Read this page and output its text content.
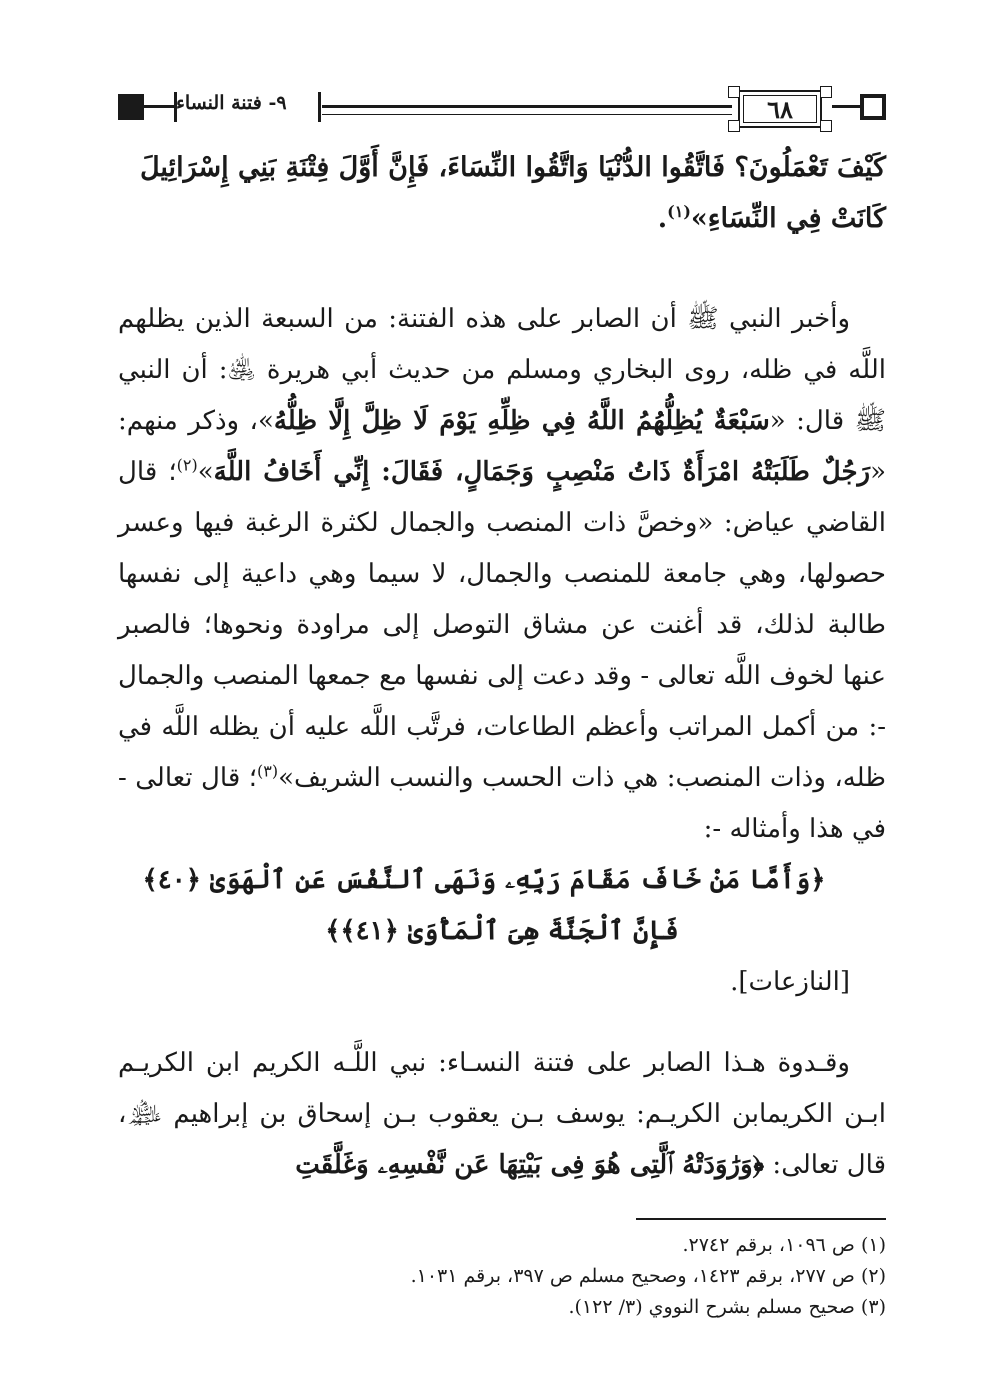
٩- فتنة النساء	٦٨

كَيْفَ تَعْمَلُونَ؟ فَاتَّقُوا الدُّنْيَا وَاتَّقُوا النِّسَاءَ، فَإِنَّ أَوَّلَ فِتْنَةِ بَنِي إِسْرَائِيلَ

كَانَتْ فِي النِّسَاءِ»$^{(١)}$.

وأخبر النبي ﷺ أن الصابر على هذه الفتنة: من السبعة الذين يظلهم اللَّه في ظله، روى البخاري ومسلم من حديث أبي هريرة ﵁: أن النبي ﷺ قال: «سَبْعَةٌ يُظِلُّهُمُ اللَّهُ فِي ظِلِّهِ يَوْمَ لَا ظِلَّ إِلَّا ظِلُّهُ»، وذكر منهم: «رَجُلٌ طَلَبَتْهُ امْرَأَةٌ ذَاتُ مَنْصِبٍ وَجَمَالٍ، فَقَالَ: إِنِّي أَخَافُ اللَّهَ»$^{(٢)}$؛ قال القاضي عياض: «وخصَّ ذات المنصب والجمال لكثرة الرغبة فيها وعسر حصولها، وهي جامعة للمنصب والجمال، لا سيما وهي داعية إلى نفسها طالبة لذلك، قد أغنت عن مشاق التوصل إلى مراودة ونحوها؛ فالصبر عنها لخوف اللَّه تعالى - وقد دعت إلى نفسها مع جمعها المنصب والجمال -: من أكمل المراتب وأعظم الطاعات، فرتَّب اللَّه عليه أن يظله اللَّه في ظله، وذات المنصب: هي ذات الحسب والنسب الشريف»$^{(٣)}$؛ قال تعالى - في هذا وأمثاله -:

﴿وَأَمَّا مَنْ خَافَ مَقَامَ رَبِّهِۦ وَنَهَى ٱلنَّفْسَ عَنِ ٱلْهَوَىٰ ﴿٤٠﴾ فَإِنَّ ٱلْجَنَّةَ هِىَ ٱلْمَأْوَىٰ ﴿٤١﴾﴾

[النازعات].

وقـدوة هـذا الصابر على فتنة النسـاء: نبي اللَّـه الكريم ابن الكريـم ابـن الكريمابن الكريـم: يوسف بـن يعقوب بـن إسحاق بن إبراهيم ﵈، قال تعالى: ﴿وَرَٰوَدَتْهُ ٱلَّتِى هُوَ فِى بَيْتِهَا عَن نَّفْسِهِۦ وَغَلَّقَتِ

(١) ص ١٠٩٦، برقم ٢٧٤٢.
(٢) ص ٢٧٧، برقم ١٤٢٣، وصحيح مسلم ص ٣٩٧، برقم ١٠٣١.
(٣) صحيح مسلم بشرح النووي (٣/ ١٢٢).
